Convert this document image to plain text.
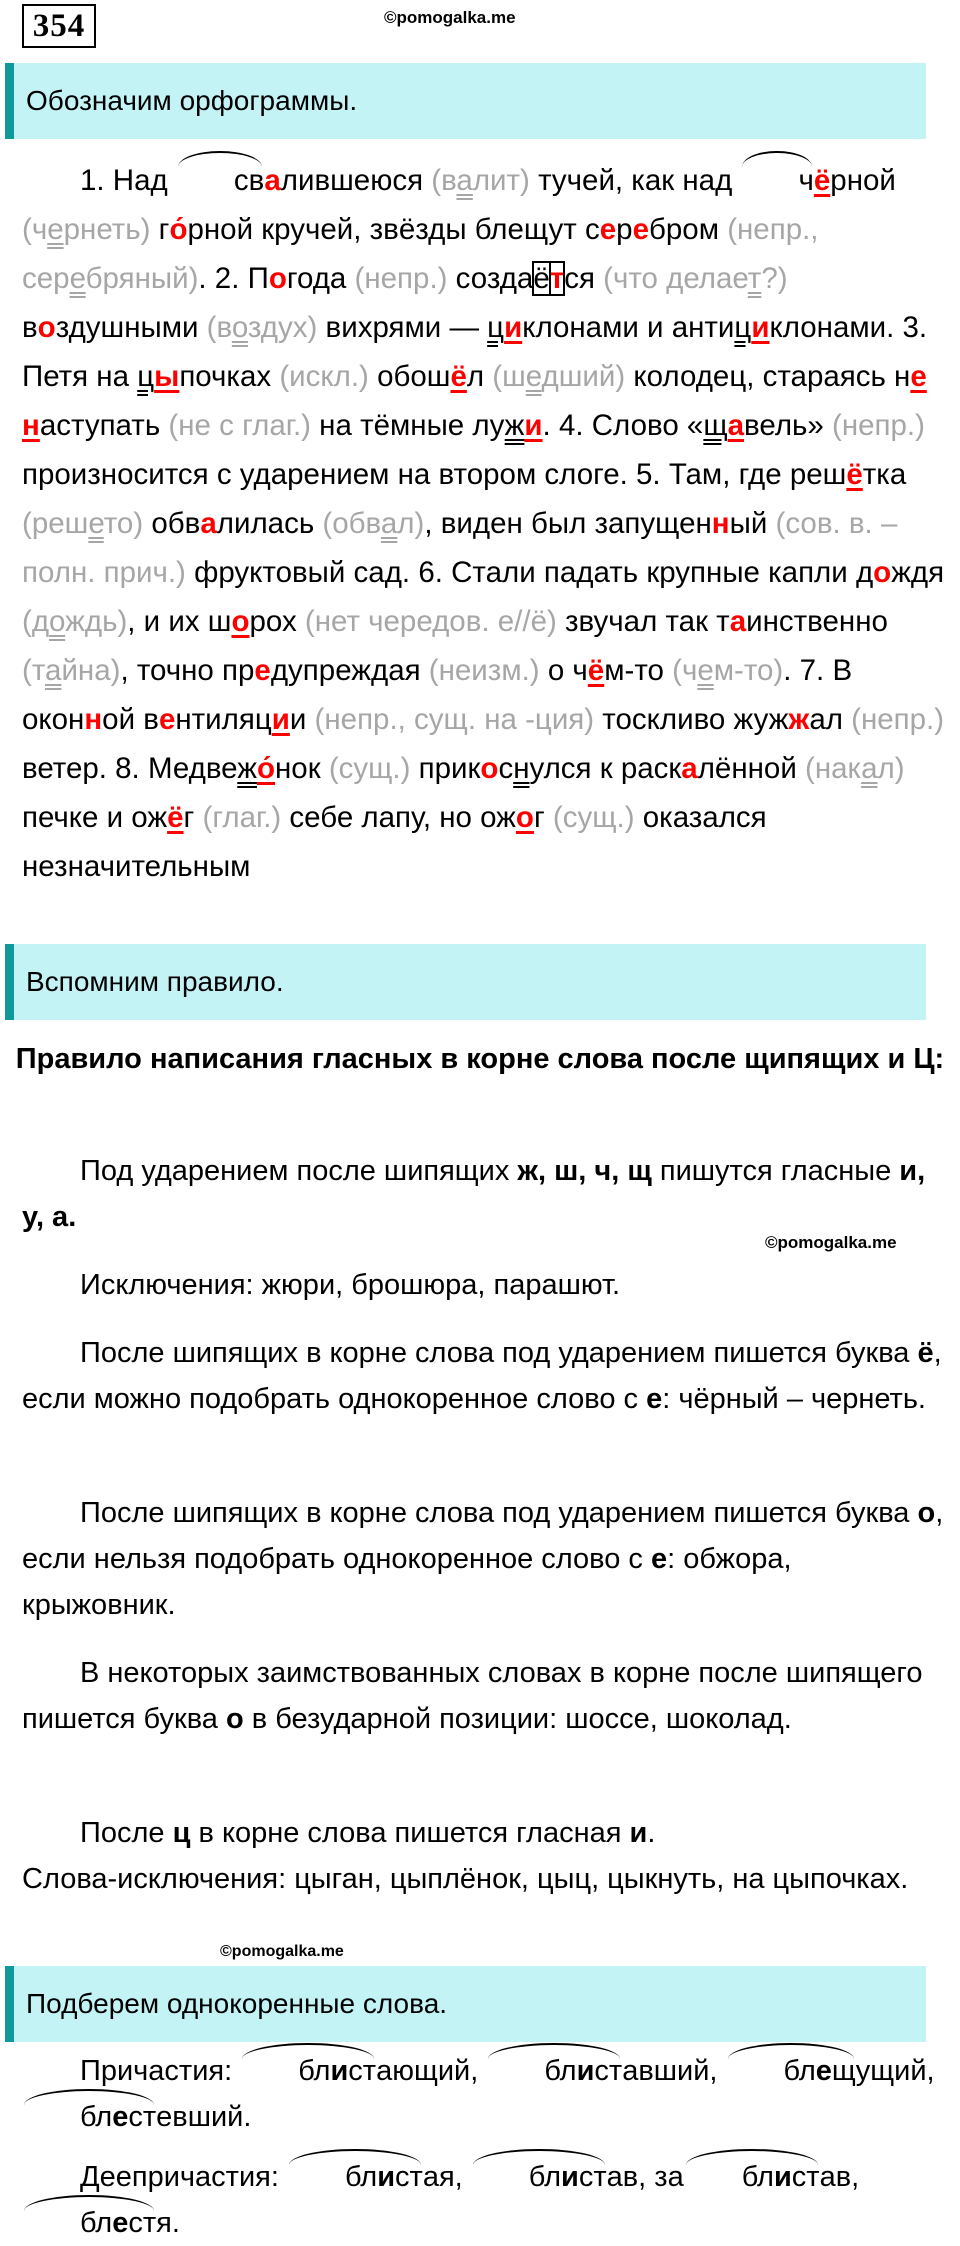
354	©pomogalka.me
Обозначим орфограммы.
1. Над свалившеюся (валит) тучей, как над чёрной (чернеть) го́рной кручей, звёзды блещут серебром (непр., серебряный). 2. Погода (непр.) создаётся (что делает?) воздушными (воздух) вихрями — циклонами и антициклонами. 3. Петя на цыпочках (искл.) обошёл (шедший) колодец, стараясь не наступать (не с глаг.) на тёмные лужи. 4. Слово «щавель» (непр.) произносится с ударением на втором слоге. 5. Там, где решётка (решето) обвалилась (обвал), виден был запущенный (сов. в. – полн. прич.) фруктовый сад. 6. Стали падать крупные капли дождя (дождь), и их шорох (нет чередов. е//ё) звучал так таинственно (тайна), точно предупреждая (неизм.) о чём-то (чем-то). 7. В оконной вентиляции (непр., сущ. на -ция) тоскливо жужжал (непр.) ветер. 8. Медвежо́нок (сущ.) прикоснулся к раскалённой (накал) печке и ожёг (глаг.) себе лапу, но ожог (сущ.) оказался незначительным
Вспомним правило.
Правило написания гласных в корне слова после щипящих и Ц:

Под ударением после шипящих ж, ш, ч, щ пишутся гласные и, у, а.

©pomogalka.me

Исключения: жюри, брошюра, парашют.

После шипящих в корне слова под ударением пишется буква ё, если можно подобрать однокоренное слово с е: чёрный – чернеть.

После шипящих в корне слова под ударением пишется буква о, если нельзя подобрать однокоренное слово с е: обжора, крыжовник.

В некоторых заимствованных словах в корне после шипящего пишется буква о в безударной позиции: шоссе, шоколад.

После ц в корне слова пишется гласная и.

Слова-исключения: цыган, цыплёнок, цыц, цыкнуть, на цыпочках.

©pomogalka.me
Подберем однокоренные слова.

Причастия: блистающий, блиставший, блещущий, блестевший.

Деепричастия: блистая, блистав, за блистав, блестя.
